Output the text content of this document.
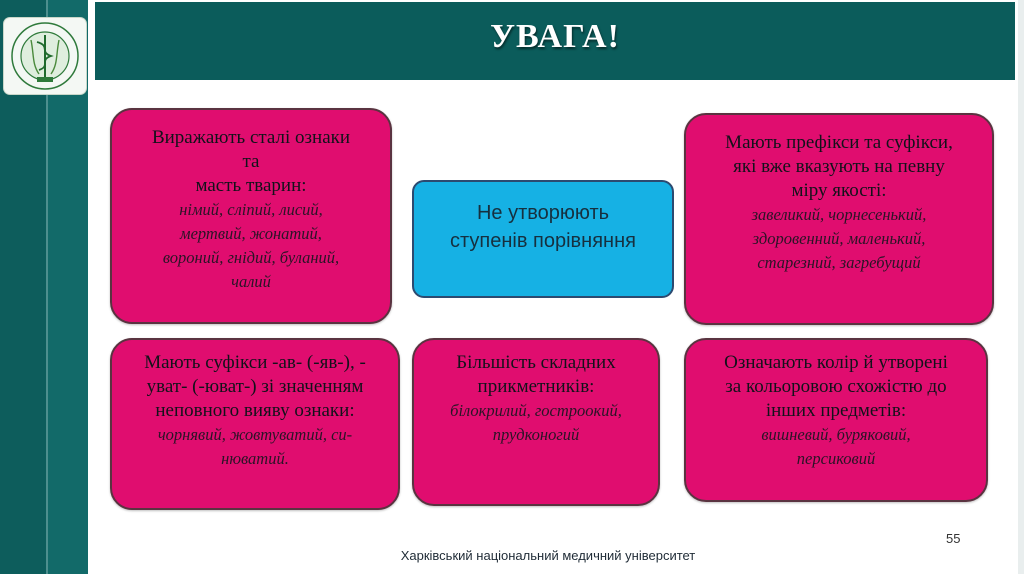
УВАГА!
Виражають сталі ознаки
та
масть тварин:
німий, сліпий, лисий,
мертвий, жонатий,
вороний, гнідий, буланий,
чалий
Мають префікси та суфікси,
які вже вказують на певну
міру якості:
завеликий, чорнесенький,
здоровенний, маленький,
старезний, загребущий
Не утворюють
ступенів порівняння
Мають суфікси -ав- (-яв-), -
уват- (-юват-) зі значенням
неповного вияву ознаки:
чорнявий, жовтуватий, си-
нюватий.
Більшість складних
прикметників:
білокрилий, гостроокий,
прудконогий
Означають колір й утворені
за кольоровою схожістю до
інших предметів:
вишневий, буряковий,
персиковий
55
Харківський національний медичний університет
